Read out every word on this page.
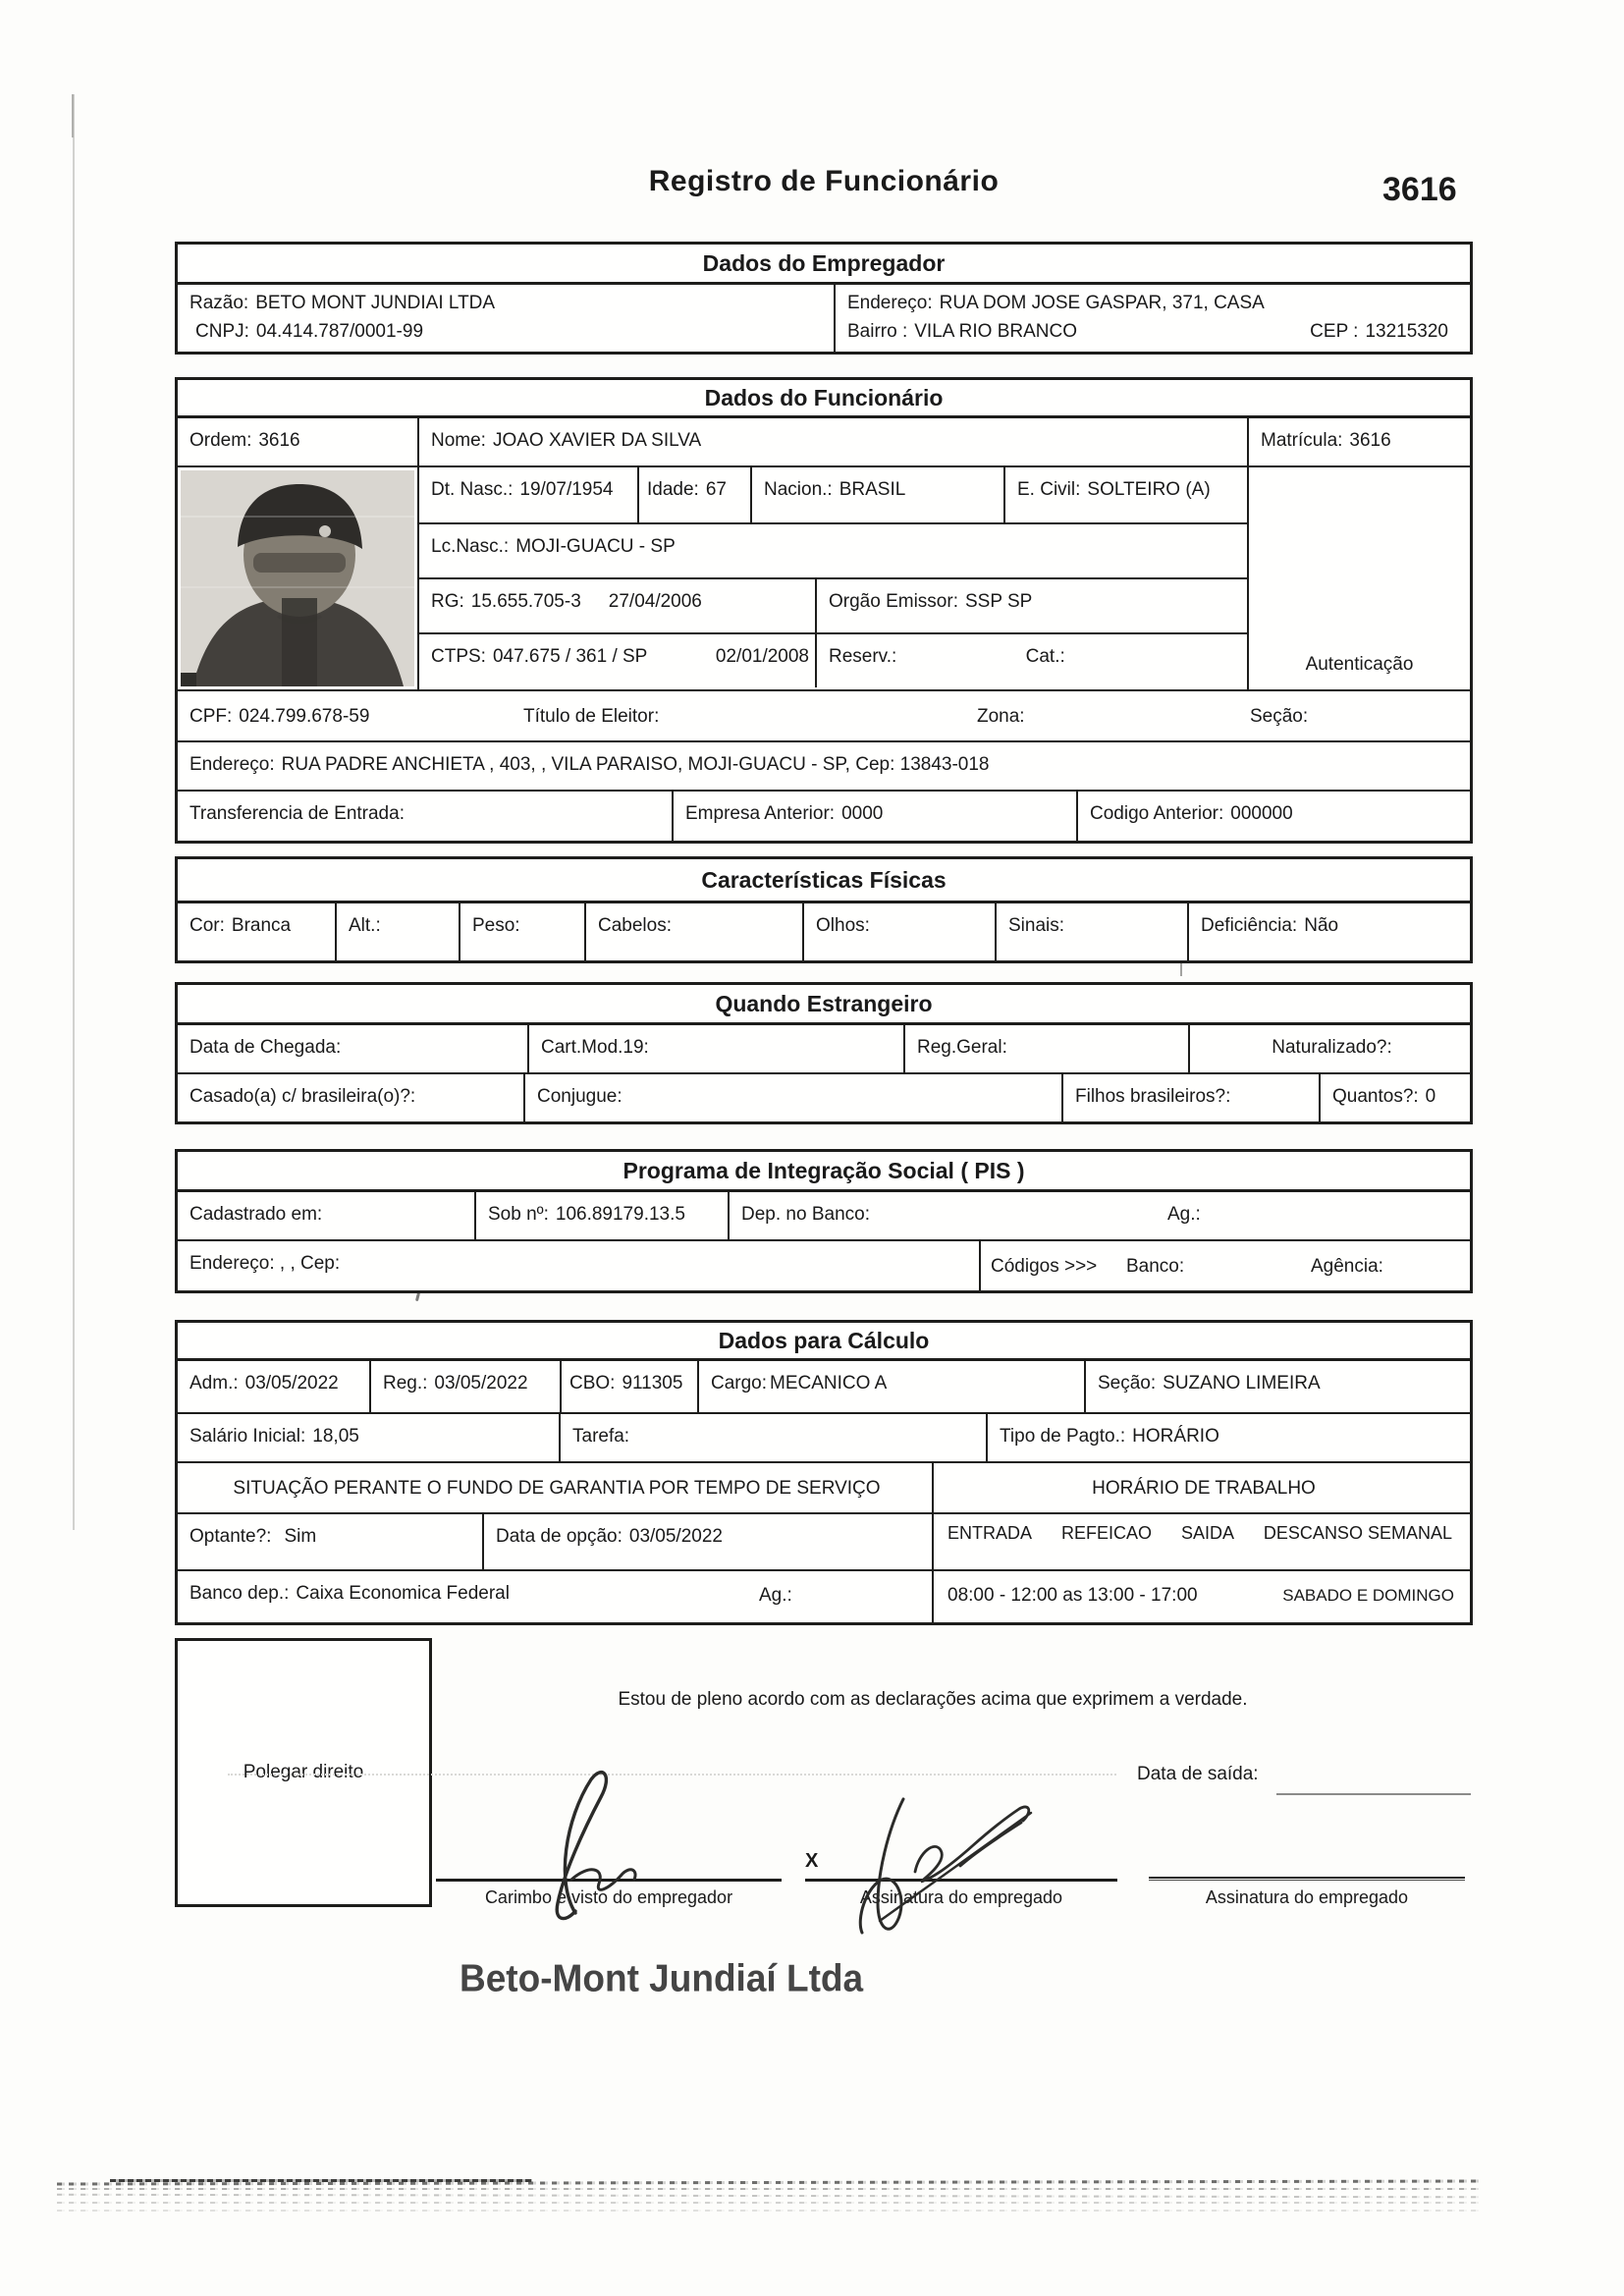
Registro de Funcionário	3616
Dados do Empregador
Razão: BETO MONT JUNDIAI LTDA
CNPJ: 04.414.787/0001-99
Endereço: RUA DOM JOSE GASPAR, 371, CASA
Bairro : VILA RIO BRANCO	CEP : 13215320
Dados do Funcionário
Ordem: 3616	Nome: JOAO XAVIER DA SILVA	Matrícula: 3616
Dt. Nasc.: 19/07/1954	Idade: 67	Nacion.: BRASIL	E. Civil: SOLTEIRO (A)
Lc.Nasc.: MOJI-GUACU - SP
RG: 15.655.705-3 27/04/2006	Orgão Emissor: SSP SP
CTPS: 047.675 / 361 / SP	02/01/2008	Reserv.:	Cat.:	Autenticação
CPF: 024.799.678-59	Título de Eleitor:	Zona:	Seção:
Endereço: RUA PADRE ANCHIETA , 403, , VILA PARAISO, MOJI-GUACU - SP, Cep: 13843-018
Transferencia de Entrada:	Empresa Anterior: 0000	Codigo Anterior: 000000
Características Físicas
Cor: Branca	Alt.:	Peso:	Cabelos:	Olhos:	Sinais:	Deficiência: Não
Quando Estrangeiro
Data de Chegada:	Cart.Mod.19:	Reg.Geral:	Naturalizado?:
Casado(a) c/ brasileira(o)?:	Conjugue:	Filhos brasileiros?:	Quantos?: 0
Programa de Integração Social ( PIS )
Cadastrado em:	Sob nº: 106.89179.13.5	Dep. no Banco:	Ag.:
Endereço: , , Cep:	Códigos >>> Banco:	Agência:
Dados para Cálculo
Adm.: 03/05/2022	Reg.: 03/05/2022	CBO: 911305	Cargo: MECANICO A	Seção: SUZANO LIMEIRA
Salário Inicial: 18,05	Tarefa:	Tipo de Pagto.: HORÁRIO
SITUAÇÃO PERANTE O FUNDO DE GARANTIA POR TEMPO DE SERVIÇO	HORÁRIO DE TRABALHO
Optante?: Sim	Data de opção: 03/05/2022	ENTRADA REFEICAO SAIDA DESCANSO SEMANAL
Banco dep.: Caixa Economica Federal	Ag.:	08:00 - 12:00 as 13:00 - 17:00	SABADO E DOMINGO
Polegar direito
Estou de pleno acordo com as declarações acima que exprimem a verdade.
Data de saída:
X
Carimbo e visto do empregador	Assinatura do empregado	Assinatura do empregado
Beto-Mont Jundiaí Ltda
